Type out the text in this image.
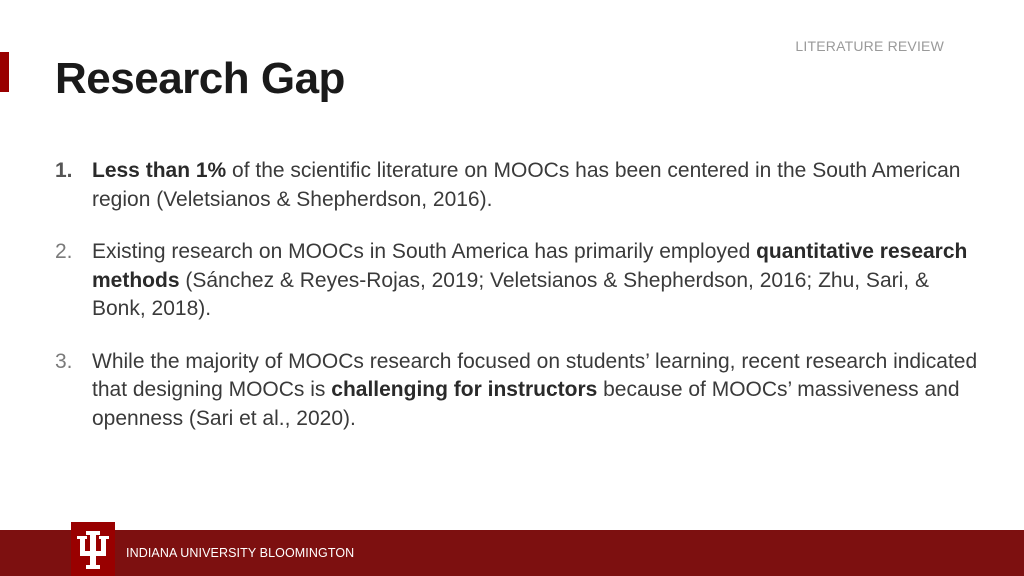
LITERATURE REVIEW
Research Gap
1. Less than 1% of the scientific literature on MOOCs has been centered in the South American region (Veletsianos & Shepherdson, 2016).
2. Existing research on MOOCs in South America has primarily employed quantitative research methods (Sánchez & Reyes-Rojas, 2019; Veletsianos & Shepherdson, 2016; Zhu, Sari, & Bonk, 2018).
3. While the majority of MOOCs research focused on students’ learning, recent research indicated that designing MOOCs is challenging for instructors because of MOOCs’ massiveness and openness (Sari et al., 2020).
INDIANA UNIVERSITY BLOOMINGTON
